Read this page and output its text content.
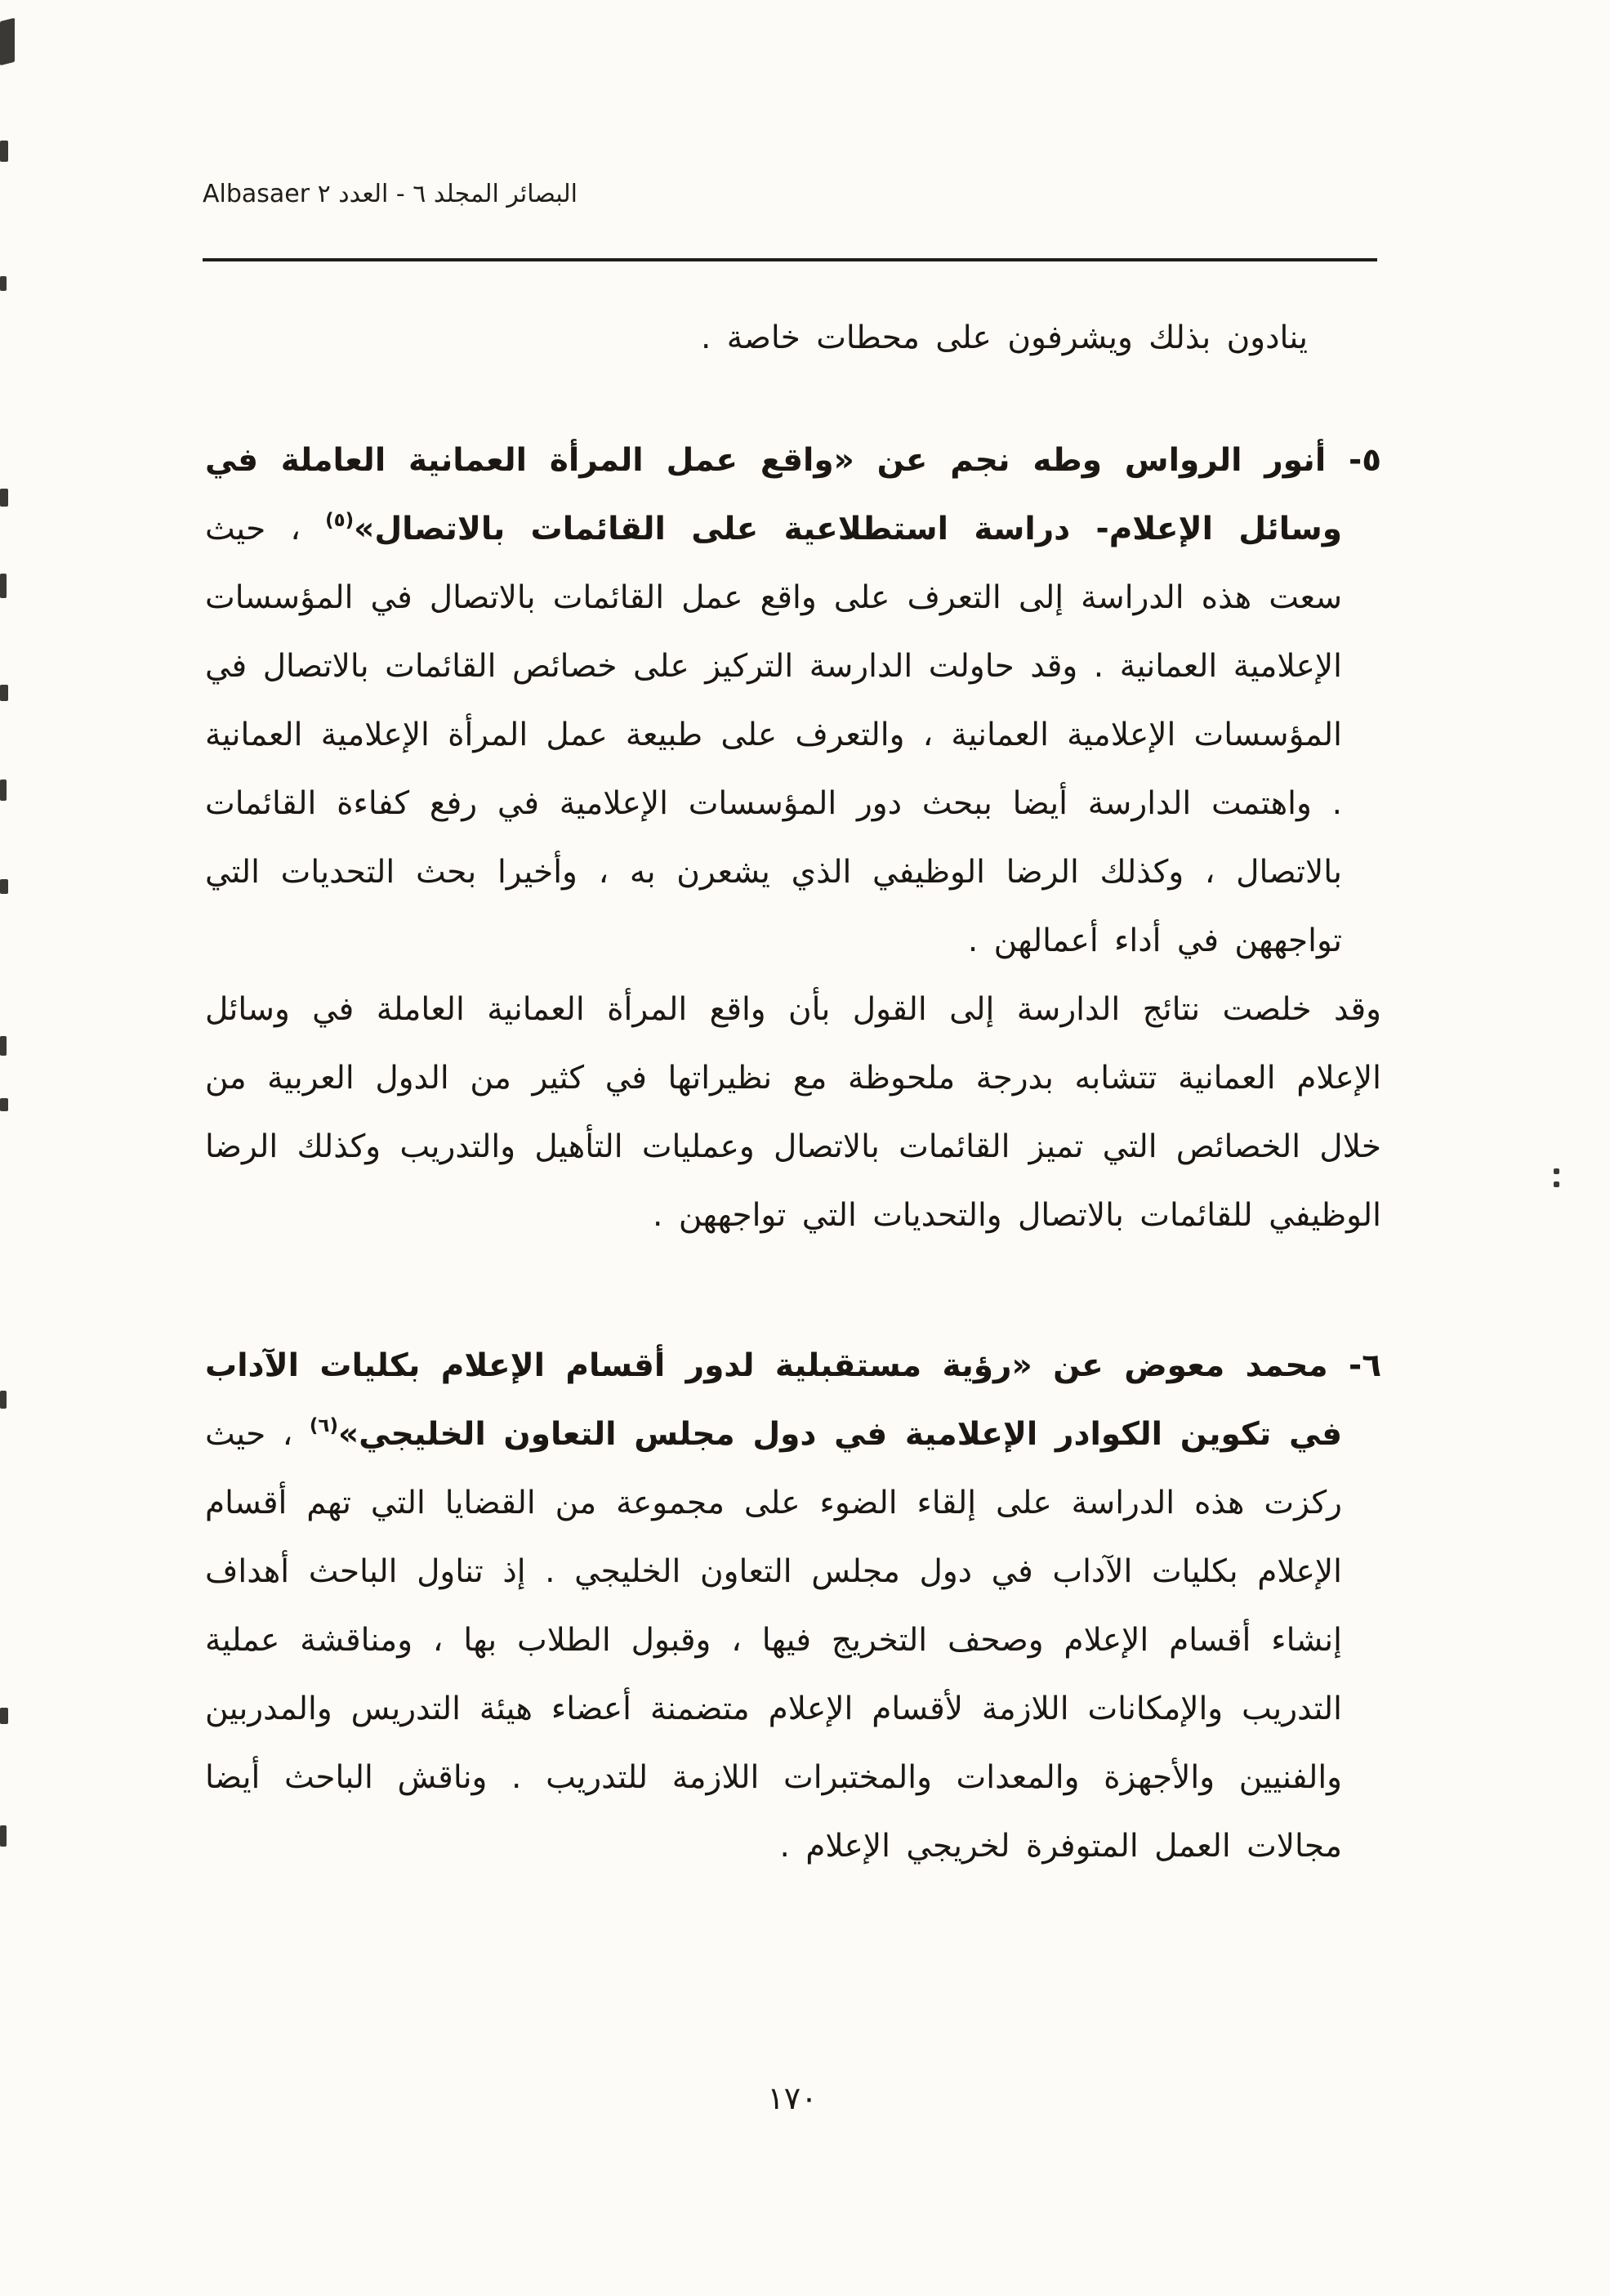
البصائر المجلد ٦ - العدد ٢ Albasaer

ينادون بذلك ويشرفون على محطات خاصة .

٥- أنور الرواس وطه نجم عن «واقع عمل المرأة العمانية العاملة في وسائل الإعلام- دراسة استطلاعية على القائمات بالاتصال»$^{(٥)}$ ، حيث سعت هذه الدراسة إلى التعرف على واقع عمل القائمات بالاتصال في المؤسسات الإعلامية العمانية . وقد حاولت الدارسة التركيز على خصائص القائمات بالاتصال في المؤسسات الإعلامية العمانية ، والتعرف على طبيعة عمل المرأة الإعلامية العمانية . واهتمت الدارسة أيضا ببحث دور المؤسسات الإعلامية في رفع كفاءة القائمات بالاتصال ، وكذلك الرضا الوظيفي الذي يشعرن به ، وأخيرا بحث التحديات التي تواجههن في أداء أعمالهن .

وقد خلصت نتائج الدارسة إلى القول بأن واقع المرأة العمانية العاملة في وسائل الإعلام العمانية تتشابه بدرجة ملحوظة مع نظيراتها في كثير من الدول العربية من خلال الخصائص التي تميز القائمات بالاتصال وعمليات التأهيل والتدريب وكذلك الرضا الوظيفي للقائمات بالاتصال والتحديات التي تواجههن .

٦- محمد معوض عن «رؤية مستقبلية لدور أقسام الإعلام بكليات الآداب في تكوين الكوادر الإعلامية في دول مجلس التعاون الخليجي»$^{(٦)}$ ، حيث ركزت هذه الدراسة على إلقاء الضوء على مجموعة من القضايا التي تهم أقسام الإعلام بكليات الآداب في دول مجلس التعاون الخليجي . إذ تناول الباحث أهداف إنشاء أقسام الإعلام وصحف التخريج فيها ، وقبول الطلاب بها ، ومناقشة عملية التدريب والإمكانات اللازمة لأقسام الإعلام متضمنة أعضاء هيئة التدريس والمدربين والفنيين والأجهزة والمعدات والمختبرات اللازمة للتدريب . وناقش الباحث أيضا مجالات العمل المتوفرة لخريجي الإعلام .

١٧٠
